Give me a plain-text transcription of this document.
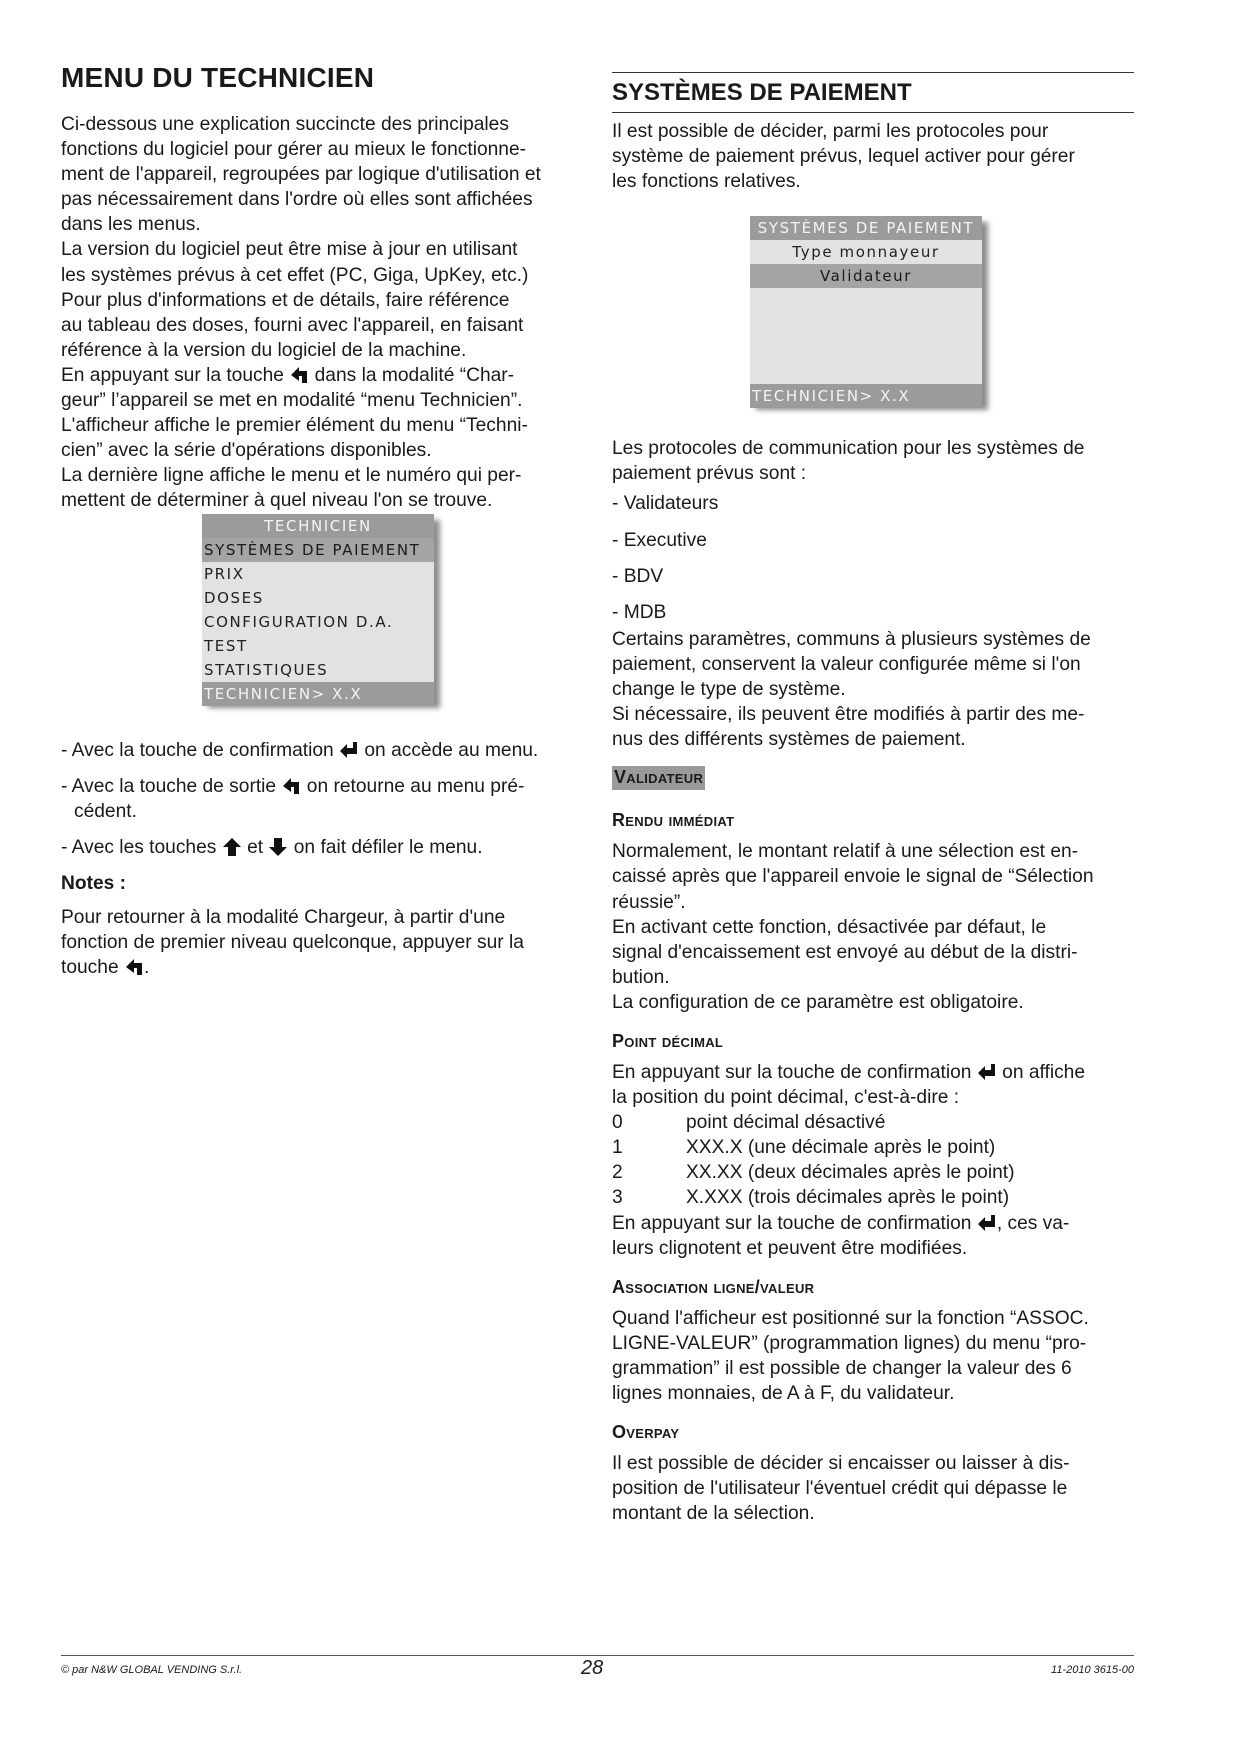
MENU DU TECHNICIEN

Ci-dessous une explication succincte des principales

fonctions du logiciel pour gérer au mieux le fonctionne-

ment de l'appareil, regroupées par logique d'utilisation et

pas nécessairement dans l'ordre où elles sont affichées

dans les menus.

La version du logiciel peut être mise à jour en utilisant

les systèmes prévus à cet effet (PC, Giga, UpKey, etc.)

Pour plus d'informations et de détails, faire référence

au tableau des doses, fourni avec l'appareil, en faisant

référence à la version du logiciel de la machine.

En appuyant sur la touche dans la modalité “Char-

geur” l’appareil se met en modalité “menu Technicien”.

L'afficheur affiche le premier élément du menu “Techni-

cien” avec la série d'opérations disponibles.

La dernière ligne affiche le menu et le numéro qui per-

mettent de déterminer à quel niveau l'on se trouve.

TECHNICIEN
SYSTÈMES DE PAIEMENT
PRIX
DOSES
CONFIGURATION D.A.
TEST
STATISTIQUES
TECHNICIEN> X.X

- Avec la touche de confirmation on accède au menu.

- Avec la touche de sortie on retourne au menu pré-

cédent.

- Avec les touches et on fait défiler le menu.

Notes :

Pour retourner à la modalité Chargeur, à partir d'une

fonction de premier niveau quelconque, appuyer sur la

touche .

SYSTÈMES DE PAIEMENT

Il est possible de décider, parmi les protocoles pour

système de paiement prévus, lequel activer pour gérer

les fonctions relatives.

SYSTÈMES DE PAIEMENT
Type monnayeur
Validateur
TECHNICIEN> X.X

Les protocoles de communication pour les systèmes de

paiement prévus sont :

- Validateurs

- Executive

- BDV

- MDB

Certains paramètres, communs à plusieurs systèmes de

paiement, conservent la valeur configurée même si l'on

change le type de système.

Si nécessaire, ils peuvent être modifiés à partir des me-

nus des différents systèmes de paiement.

Validateur

Rendu immédiat

Normalement, le montant relatif à une sélection est en-

caissé après que l'appareil envoie le signal de “Sélection

réussie”.

En activant cette fonction, désactivée par défaut, le

signal d'encaissement est envoyé au début de la distri-

bution.

La configuration de ce paramètre est obligatoire.

Point décimal

En appuyant sur la touche de confirmation on affiche

la position du point décimal, c'est-à-dire :

0	point décimal désactivé
1	XXX.X (une décimale après le point)
2	XX.XX (deux décimales après le point)
3	X.XXX (trois décimales après le point)

En appuyant sur la touche de confirmation , ces va-

leurs clignotent et peuvent être modifiées.

Association ligne/valeur

Quand l'afficheur est positionné sur la fonction “ASSOC.

LIGNE-VALEUR” (programmation lignes) du menu “pro-

grammation” il est possible de changer la valeur des 6

lignes monnaies, de A à F, du validateur.

Overpay

Il est possible de décider si encaisser ou laisser à dis-

position de l'utilisateur l'éventuel crédit qui dépasse le

montant de la sélection.

© par N&W GLOBAL VENDING S.r.l.	28	11-2010 3615-00
